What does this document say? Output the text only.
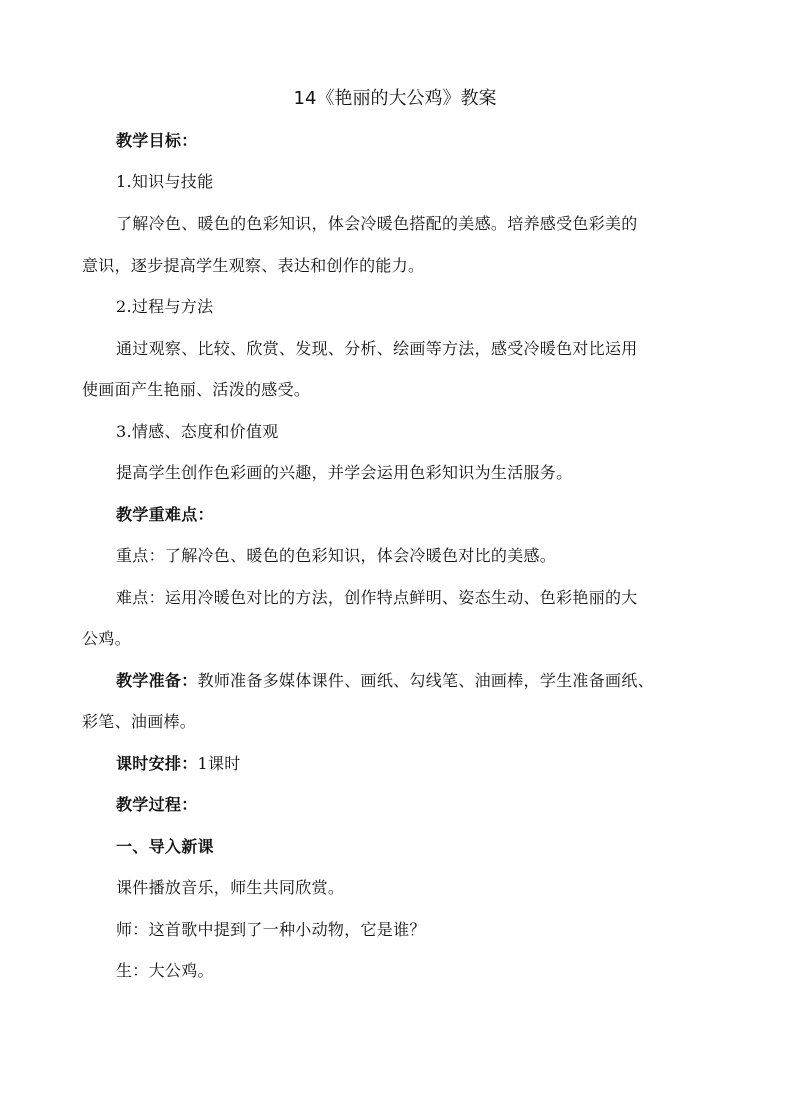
14《艳丽的大公鸡》教案
教学目标：
1.知识与技能
了解冷色、暖色的色彩知识，体会冷暖色搭配的美感。培养感受色彩美的
意识，逐步提高学生观察、表达和创作的能力。
2.过程与方法
通过观察、比较、欣赏、发现、分析、绘画等方法，感受冷暖色对比运用
使画面产生艳丽、活泼的感受。
3.情感、态度和价值观
提高学生创作色彩画的兴趣，并学会运用色彩知识为生活服务。
教学重难点：
重点：了解冷色、暖色的色彩知识，体会冷暖色对比的美感。
难点：运用冷暖色对比的方法，创作特点鲜明、姿态生动、色彩艳丽的大
公鸡。
教学准备：教师准备多媒体课件、画纸、勾线笔、油画棒，学生准备画纸、
彩笔、油画棒。
课时安排：1课时
教学过程：
一、导入新课
课件播放音乐，师生共同欣赏。
师：这首歌中提到了一种小动物，它是谁？
生：大公鸡。
